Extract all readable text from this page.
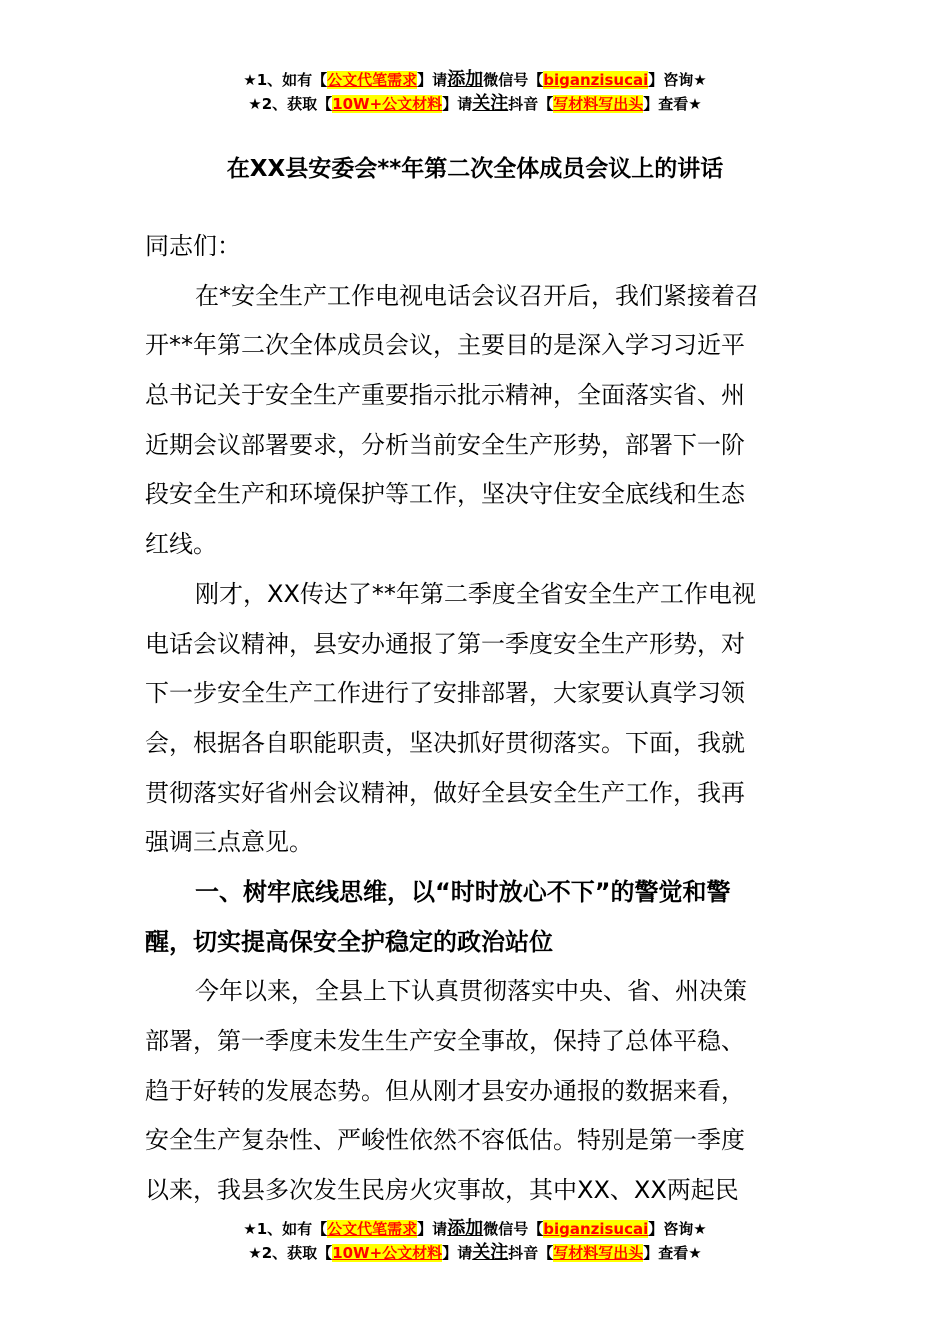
★1、如有【公文代笔需求】请添加微信号【biganzisucai】咨询★
★2、获取【10W+公文材料】请关注抖音【写材料写出头】查看★
在XX县安委会**年第二次全体成员会议上的讲话
同志们：
在*安全生产工作电视电话会议召开后，我们紧接着召
开**年第二次全体成员会议，主要目的是深入学习习近平
总书记关于安全生产重要指示批示精神，全面落实省、州
近期会议部署要求，分析当前安全生产形势，部署下一阶
段安全生产和环境保护等工作，坚决守住安全底线和生态
红线。
刚才，XX传达了**年第二季度全省安全生产工作电视
电话会议精神，县安办通报了第一季度安全生产形势，对
下一步安全生产工作进行了安排部署，大家要认真学习领
会，根据各自职能职责，坚决抓好贯彻落实。下面，我就
贯彻落实好省州会议精神，做好全县安全生产工作，我再
强调三点意见。
一、树牢底线思维，以“时时放心不下”的警觉和警
醒，切实提高保安全护稳定的政治站位
今年以来，全县上下认真贯彻落实中央、省、州决策
部署，第一季度未发生生产安全事故，保持了总体平稳、
趋于好转的发展态势。但从刚才县安办通报的数据来看，
安全生产复杂性、严峻性依然不容低估。特别是第一季度
以来，我县多次发生民房火灾事故，其中XX、XX两起民
★1、如有【公文代笔需求】请添加微信号【biganzisucai】咨询★
★2、获取【10W+公文材料】请关注抖音【写材料写出头】查看★
